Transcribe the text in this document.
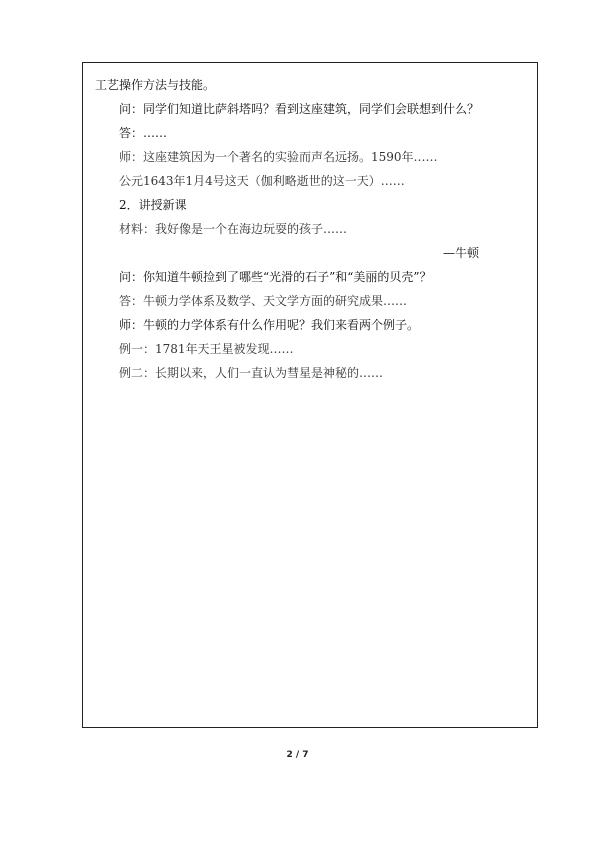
工艺操作方法与技能。

问：同学们知道比萨斜塔吗？看到这座建筑，同学们会联想到什么？

答：……

师：这座建筑因为一个著名的实验而声名远扬。1590年……

公元1643年1月4号这天（伽利略逝世的这一天）……

2．讲授新课

材料：我好像是一个在海边玩耍的孩子……

—牛顿

问：你知道牛顿捡到了哪些“光滑的石子”和“美丽的贝壳”？

答：牛顿力学体系及数学、天文学方面的研究成果……

师：牛顿的力学体系有什么作用呢？我们来看两个例子。

例一：1781年天王星被发现……

例二：长期以来，人们一直认为彗星是神秘的……

2 / 7
